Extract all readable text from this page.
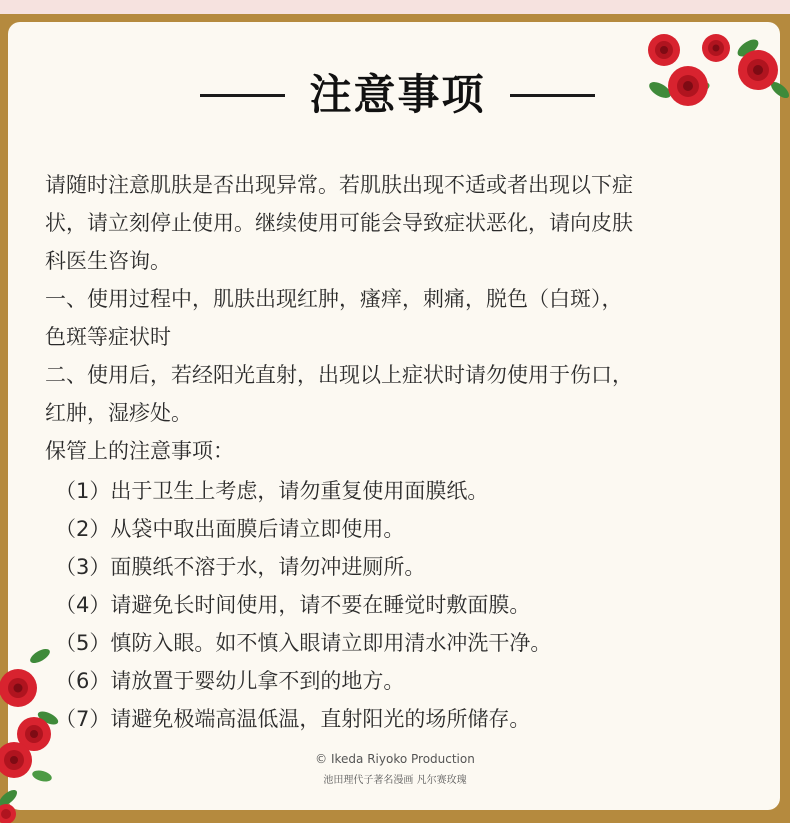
注意事项
请随时注意肌肤是否出现异常。若肌肤出现不适或者出现以下症
状，请立刻停止使用。继续使用可能会导致症状恶化，请向皮肤
科医生咨询。
一、使用过程中，肌肤出现红肿，瘙痒，刺痛，脱色（白斑），
色斑等症状时
二、使用后，若经阳光直射，出现以上症状时请勿使用于伤口，
红肿，湿疹处。
保管上的注意事项：
（1）出于卫生上考虑，请勿重复使用面膜纸。
（2）从袋中取出面膜后请立即使用。
（3）面膜纸不溶于水，请勿冲进厕所。
（4）请避免长时间使用，请不要在睡觉时敷面膜。
（5）慎防入眼。如不慎入眼请立即用清水冲洗干净。
（6）请放置于婴幼儿拿不到的地方。
（7）请避免极端高温低温，直射阳光的场所储存。
© Ikeda Riyoko Production
池田理代子著名漫画 凡尔赛玫瑰
